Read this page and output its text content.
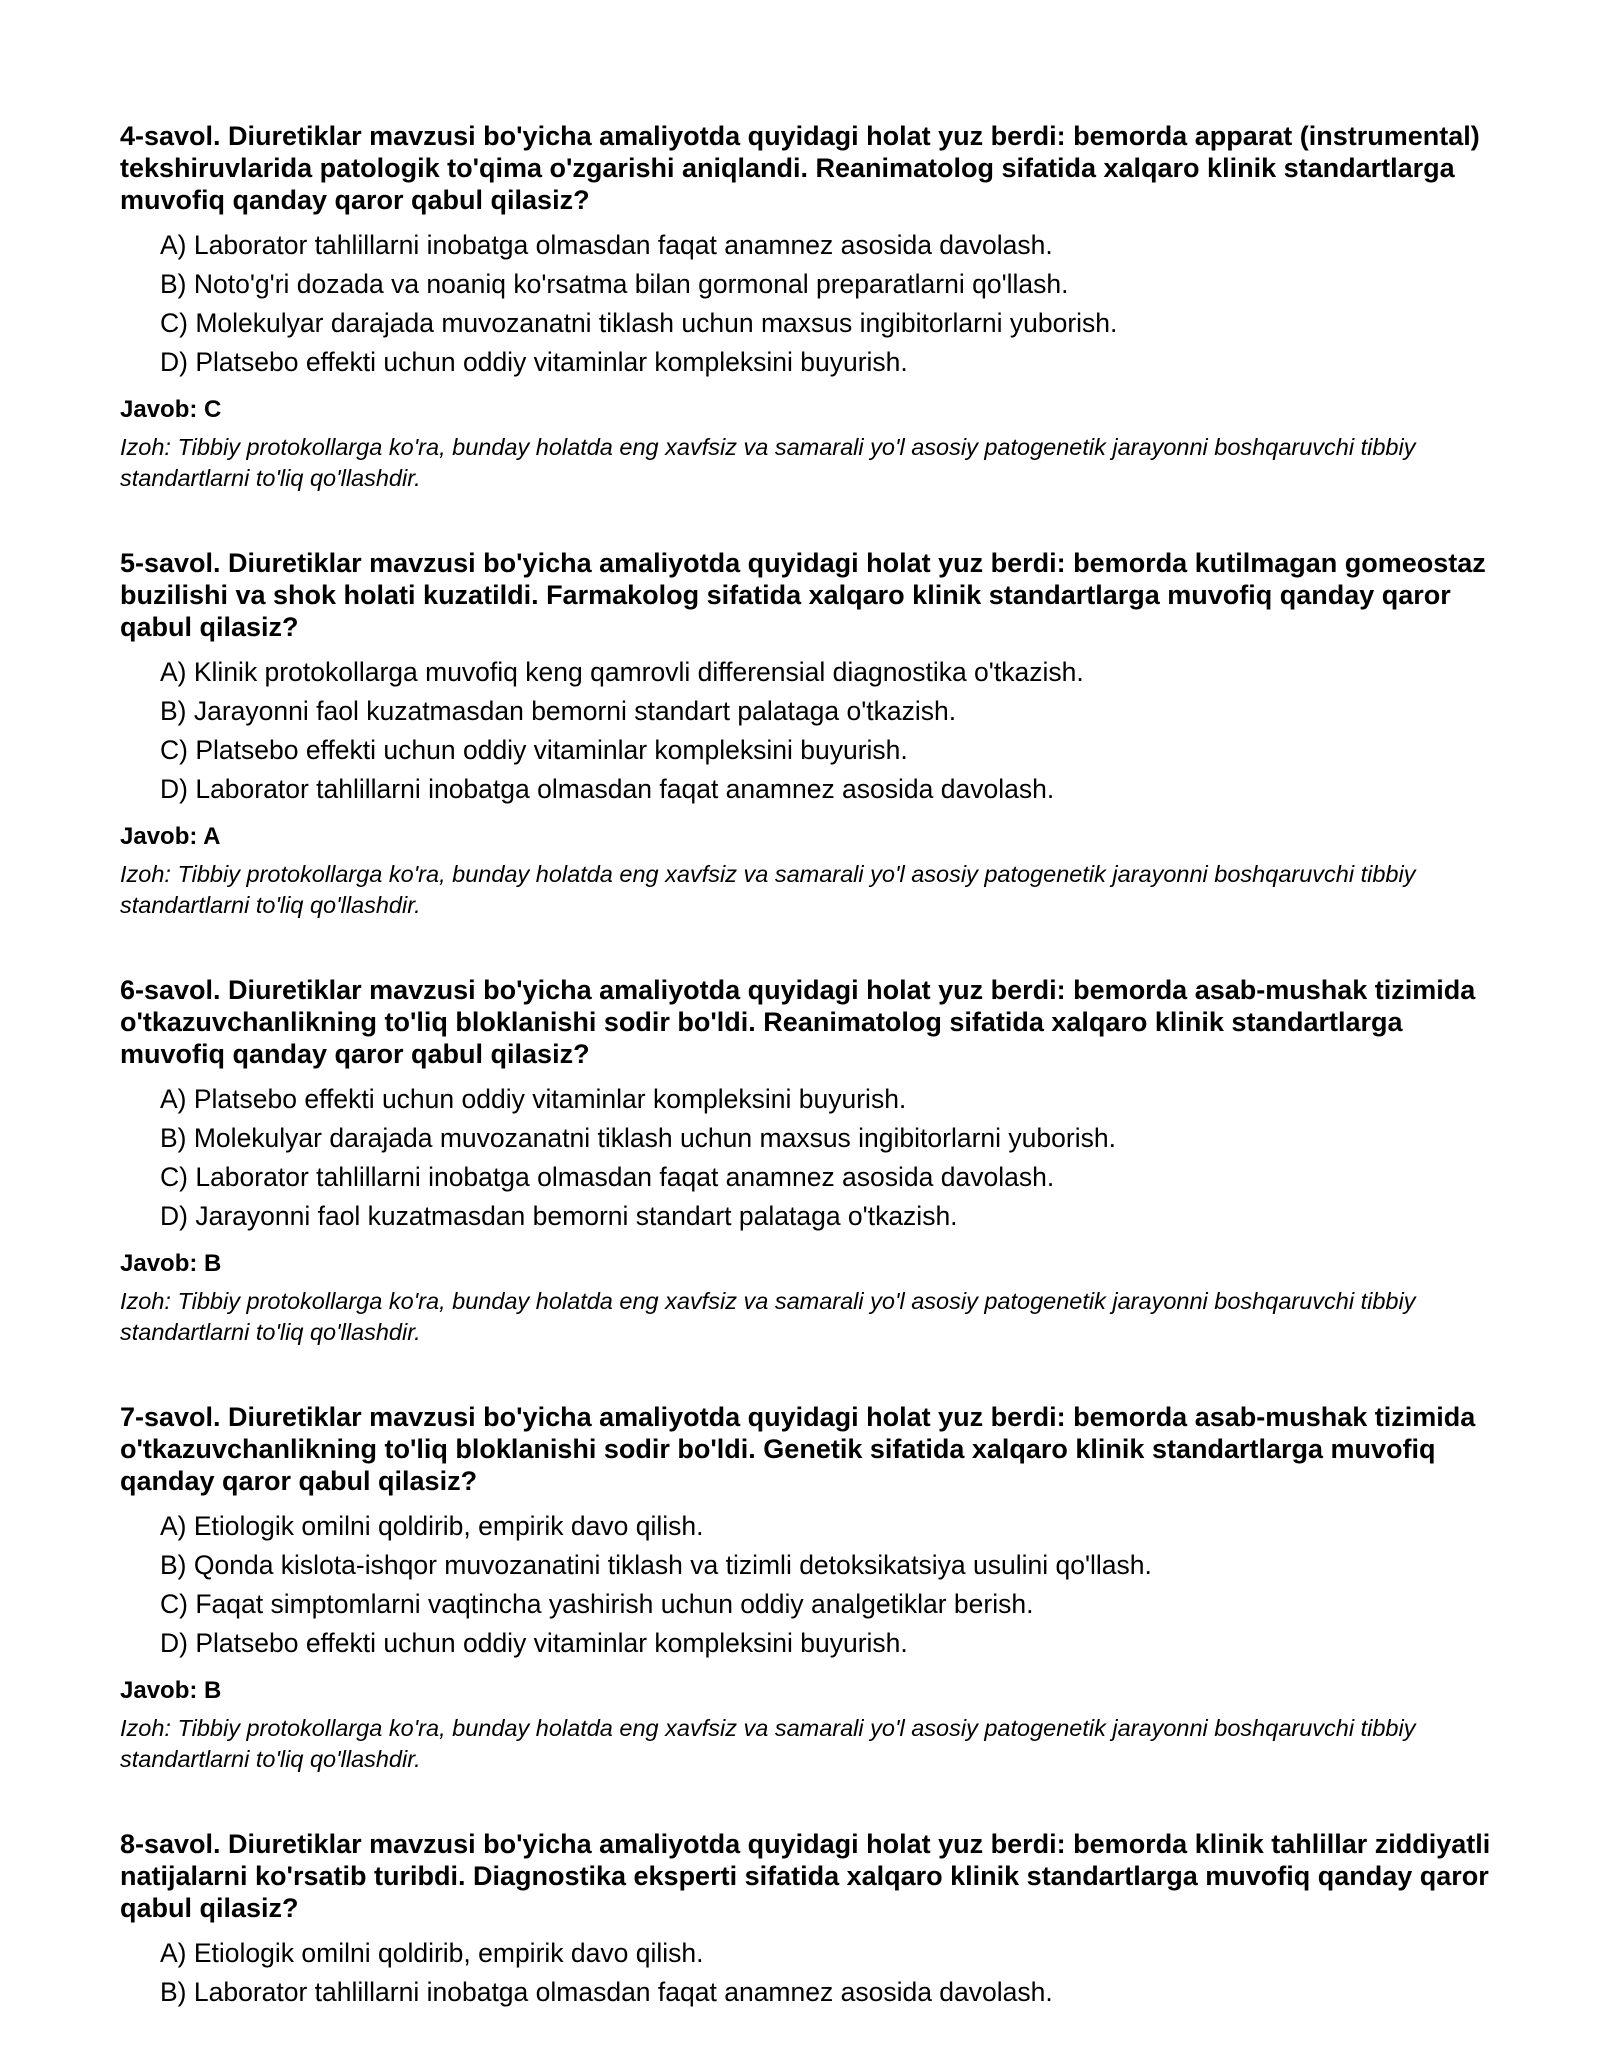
4-savol. Diuretiklar mavzusi bo'yicha amaliyotda quyidagi holat yuz berdi: bemorda apparat (instrumental) tekshiruvlarida patologik to'qima o'zgarishi aniqlandi. Reanimatolog sifatida xalqaro klinik standartlarga muvofiq qanday qaror qabul qilasiz?

A) Laborator tahlillarni inobatga olmasdan faqat anamnez asosida davolash.

B) Noto'g'ri dozada va noaniq ko'rsatma bilan gormonal preparatlarni qo'llash.

C) Molekulyar darajada muvozanatni tiklash uchun maxsus ingibitorlarni yuborish.

D) Platsebo effekti uchun oddiy vitaminlar kompleksini buyurish.

Javob: C

Izoh: Tibbiy protokollarga ko'ra, bunday holatda eng xavfsiz va samarali yo'l asosiy patogenetik jarayonni boshqaruvchi tibbiy standartlarni to'liq qo'llashdir.

5-savol. Diuretiklar mavzusi bo'yicha amaliyotda quyidagi holat yuz berdi: bemorda kutilmagan gomeostaz buzilishi va shok holati kuzatildi. Farmakolog sifatida xalqaro klinik standartlarga muvofiq qanday qaror qabul qilasiz?

A) Klinik protokollarga muvofiq keng qamrovli differensial diagnostika o'tkazish.

B) Jarayonni faol kuzatmasdan bemorni standart palataga o'tkazish.

C) Platsebo effekti uchun oddiy vitaminlar kompleksini buyurish.

D) Laborator tahlillarni inobatga olmasdan faqat anamnez asosida davolash.

Javob: A

Izoh: Tibbiy protokollarga ko'ra, bunday holatda eng xavfsiz va samarali yo'l asosiy patogenetik jarayonni boshqaruvchi tibbiy standartlarni to'liq qo'llashdir.

6-savol. Diuretiklar mavzusi bo'yicha amaliyotda quyidagi holat yuz berdi: bemorda asab-mushak tizimida o'tkazuvchanlikning to'liq bloklanishi sodir bo'ldi. Reanimatolog sifatida xalqaro klinik standartlarga muvofiq qanday qaror qabul qilasiz?

A) Platsebo effekti uchun oddiy vitaminlar kompleksini buyurish.

B) Molekulyar darajada muvozanatni tiklash uchun maxsus ingibitorlarni yuborish.

C) Laborator tahlillarni inobatga olmasdan faqat anamnez asosida davolash.

D) Jarayonni faol kuzatmasdan bemorni standart palataga o'tkazish.

Javob: B

Izoh: Tibbiy protokollarga ko'ra, bunday holatda eng xavfsiz va samarali yo'l asosiy patogenetik jarayonni boshqaruvchi tibbiy standartlarni to'liq qo'llashdir.

7-savol. Diuretiklar mavzusi bo'yicha amaliyotda quyidagi holat yuz berdi: bemorda asab-mushak tizimida o'tkazuvchanlikning to'liq bloklanishi sodir bo'ldi. Genetik sifatida xalqaro klinik standartlarga muvofiq qanday qaror qabul qilasiz?

A) Etiologik omilni qoldirib, empirik davo qilish.

B) Qonda kislota-ishqor muvozanatini tiklash va tizimli detoksikatsiya usulini qo'llash.

C) Faqat simptomlarni vaqtincha yashirish uchun oddiy analgetiklar berish.

D) Platsebo effekti uchun oddiy vitaminlar kompleksini buyurish.

Javob: B

Izoh: Tibbiy protokollarga ko'ra, bunday holatda eng xavfsiz va samarali yo'l asosiy patogenetik jarayonni boshqaruvchi tibbiy standartlarni to'liq qo'llashdir.

8-savol. Diuretiklar mavzusi bo'yicha amaliyotda quyidagi holat yuz berdi: bemorda klinik tahlillar ziddiyatli natijalarni ko'rsatib turibdi. Diagnostika eksperti sifatida xalqaro klinik standartlarga muvofiq qanday qaror qabul qilasiz?

A) Etiologik omilni qoldirib, empirik davo qilish.

B) Laborator tahlillarni inobatga olmasdan faqat anamnez asosida davolash.
